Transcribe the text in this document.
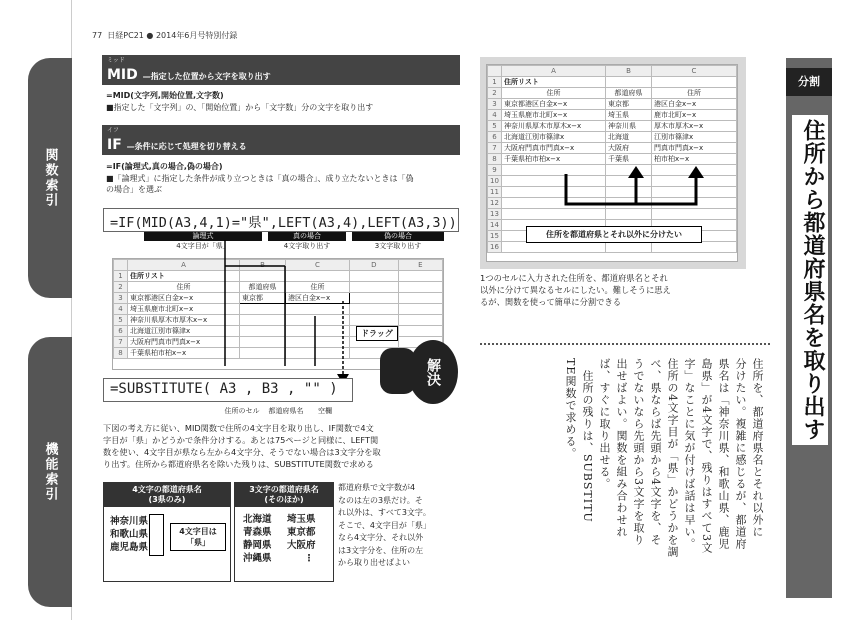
関数索引
機能索引
77 日経PC21 ● 2014年6月号特別付録
ミッド
MID —指定した位置から文字を取り出す
=MID(文字列,開始位置,文字数)
■指定した「文字列」の、「開始位置」から「文字数」分の文字を取り出す
イフ
IF —条件に応じて処理を切り替える
=IF(論理式,真の場合,偽の場合)
■「論理式」に指定した条件が成り立つときは「真の場合」、成り立たないときは「偽
の場合」を選ぶ
=IF(MID(A3,4,1)="県",LEFT(A3,4),LEFT(A3,3))
論理式
4文字目が「県」
真の場合
4文字取り出す
偽の場合
3文字取り出す
	A	B	C	D	E
1	住所リスト				
2	住所	都道府県	住所		
3	東京都港区白金x−x	東京都	港区白金x−x		
4	埼玉県鹿市北町x−x				
5	神奈川県厚木市厚木x−x				
6	北海道江別市篠津x				
7	大阪府門真市門真x−x				
8	千葉県柏市柏x−x				
ドラッグ
=SUBSTITUTE( A3 , B3 , "" )
住所のセル	都道府県名	空欄
解決
下図の考え方に従い、MID関数で住所の4文字目を取り出し、IF関数で4文
字目が「県」かどうかで条件分けする。あとは75ページと同様に、LEFT関
数を使い、4文字目が県なら左から4文字分、そうでない場合は3文字分を取
り出す。住所から都道府県名を除いた残りは、SUBSTITUTE関数で求める
4文字の都道府県名
(3県のみ)
神奈川県
和歌山県
鹿児島県
4文字目は「県」
3文字の都道府県名
(そのほか)
北海道	埼玉県
青森県	東京都
静岡県	大阪府
沖縄県	⋮
都道府県で文字数が4
なのは左の3県だけ。そ
れ以外は、すべて3文字。
そこで、4文字目が「県」
なら4文字分、それ以外
は3文字分を、住所の左
から取り出せばよい
	A	B	C
1	住所リスト		
2	住所	都道府県	住所
3	東京都港区白金x−x	東京都	港区白金x−x
4	埼玉県鹿市北町x−x	埼玉県	鹿市北町x−x
5	神奈川県厚木市厚木x−x	神奈川県	厚木市厚木x−x
6	北海道江別市篠津x	北海道	江別市篠津x
7	大阪府門真市門真x−x	大阪府	門真市門真x−x
8	千葉県柏市柏x−x	千葉県	柏市柏x−x
9			
10			
11			
12			
13			
14			
15			
16			
住所を都道府県とそれ以外に分けたい
1つのセルに入力された住所を、都道府県名とそれ
以外に分けて異なるセルにしたい。難しそうに思え
るが、関数を使って簡単に分割できる
住所を、都道府県名とそれ以外に
分けたい。複雑に感じるが、都道府
県名は「神奈川県、和歌山県、鹿児
島県」が4文字で、残りはすべて3文
字」なことに気が付けば話は早い。
住所の4文字目が「県」かどうかを調
べ、県ならば先頭から4文字を、そ
うでないなら先頭から3文字を取り
出せばよい。関数を組み合わせれ
ば、すぐに取り出せる。
　住所の残りは、SUBSTITU
TE関数で求める。
分割
住所から都道府県名を取り出す
